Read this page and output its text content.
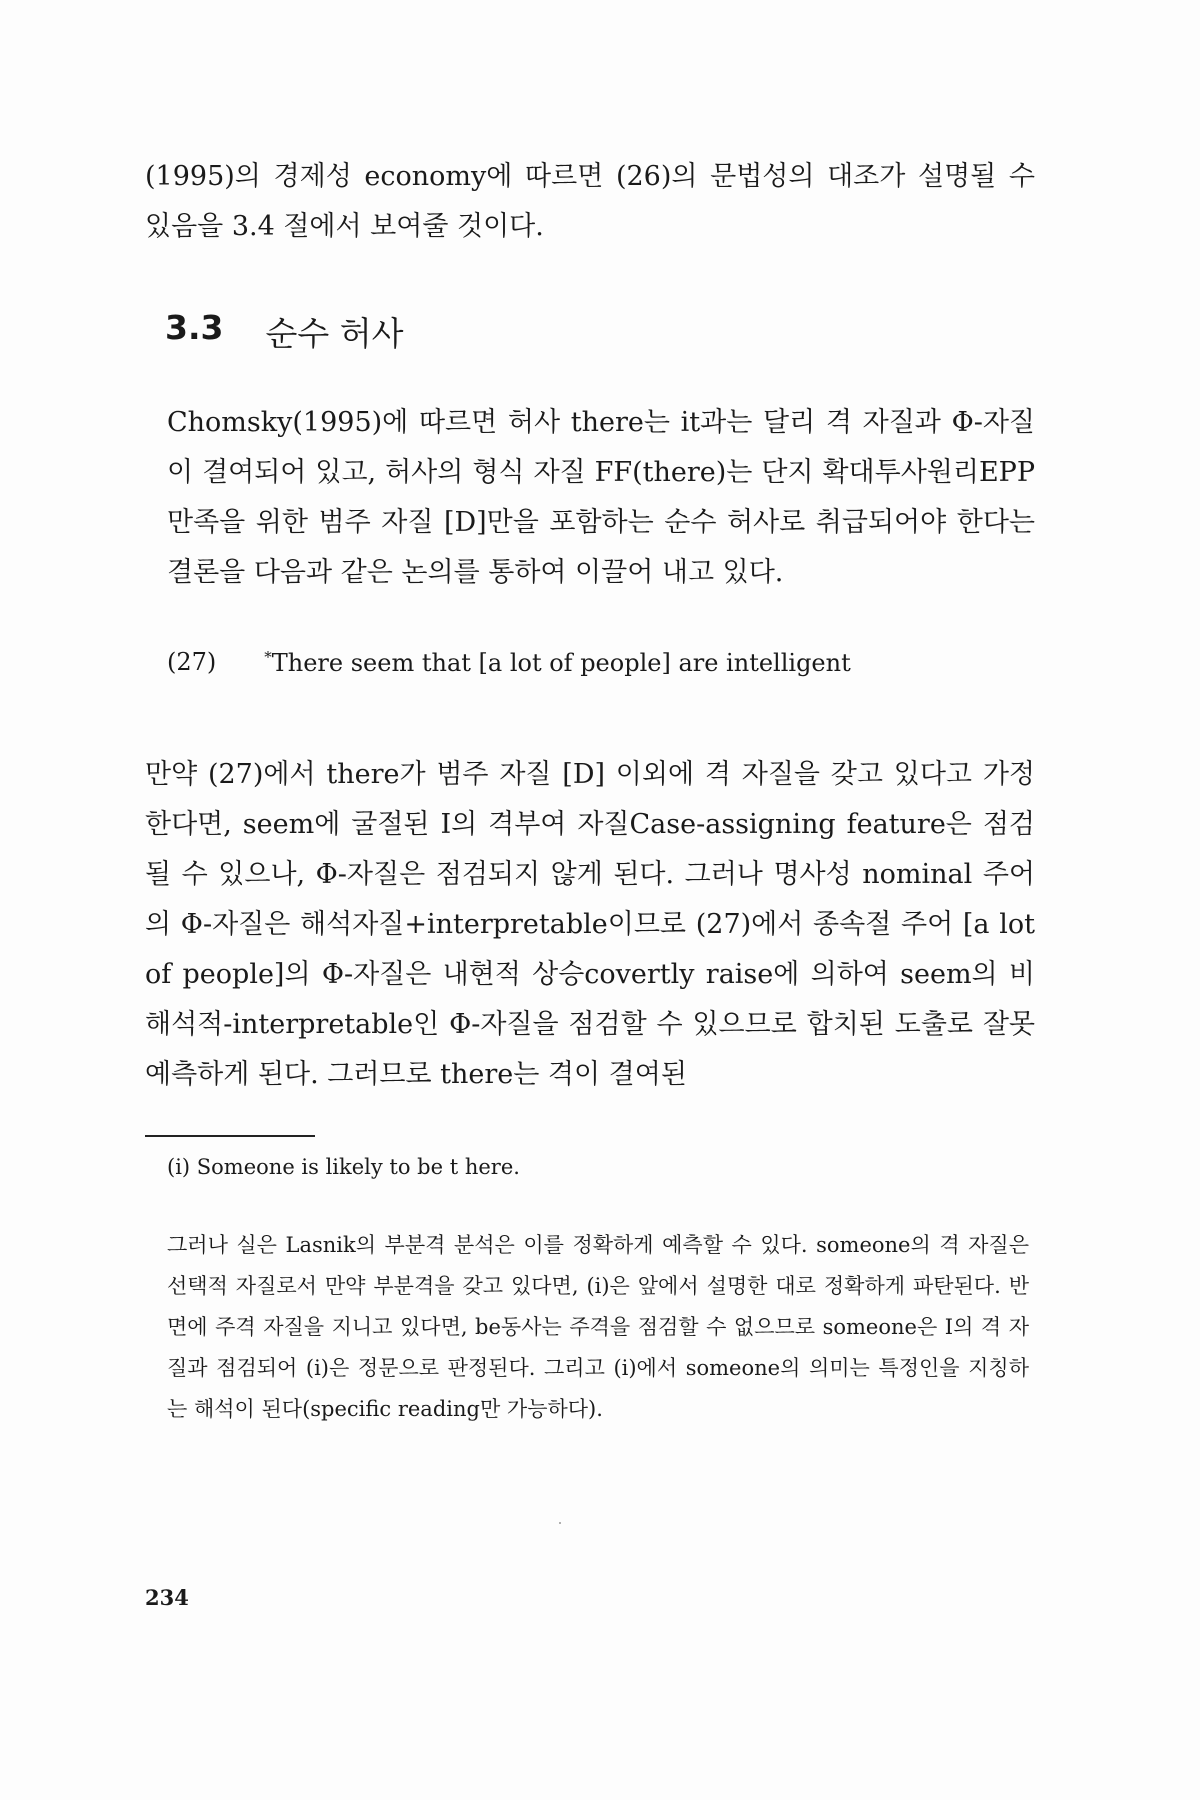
(1995)의 경제성 economy에 따르면 (26)의 문법성의 대조가 설명될 수 있음을 3.4 절에서 보여줄 것이다.

3.3 순수 허사

Chomsky(1995)에 따르면 허사 there는 it과는 달리 격 자질과 Φ-자질이 결여되어 있고, 허사의 형식 자질 FF(there)는 단지 확대투사원리EPP 만족을 위한 범주 자질 [D]만을 포함하는 순수 허사로 취급되어야 한다는 결론을 다음과 같은 논의를 통하여 이끌어 내고 있다.

(27)	*There seem that [a lot of people] are intelligent

만약 (27)에서 there가 범주 자질 [D] 이외에 격 자질을 갖고 있다고 가정한다면, seem에 굴절된 I의 격부여 자질Case-assigning feature은 점검될 수 있으나, Φ-자질은 점검되지 않게 된다. 그러나 명사성 nominal 주어의 Φ-자질은 해석자질+interpretable이므로 (27)에서 종속절 주어 [a lot of people]의 Φ-자질은 내현적 상승covertly raise에 의하여 seem의 비해석적-interpretable인 Φ-자질을 점검할 수 있으므로 합치된 도출로 잘못 예측하게 된다. 그러므로 there는 격이 결여된

(i) Someone is likely to be t here.

그러나 실은 Lasnik의 부분격 분석은 이를 정확하게 예측할 수 있다. someone의 격 자질은 선택적 자질로서 만약 부분격을 갖고 있다면, (i)은 앞에서 설명한 대로 정확하게 파탄된다. 반면에 주격 자질을 지니고 있다면, be동사는 주격을 점검할 수 없으므로 someone은 I의 격 자질과 점검되어 (i)은 정문으로 판정된다. 그리고 (i)에서 someone의 의미는 특정인을 지칭하는 해석이 된다(specific reading만 가능하다).

234
